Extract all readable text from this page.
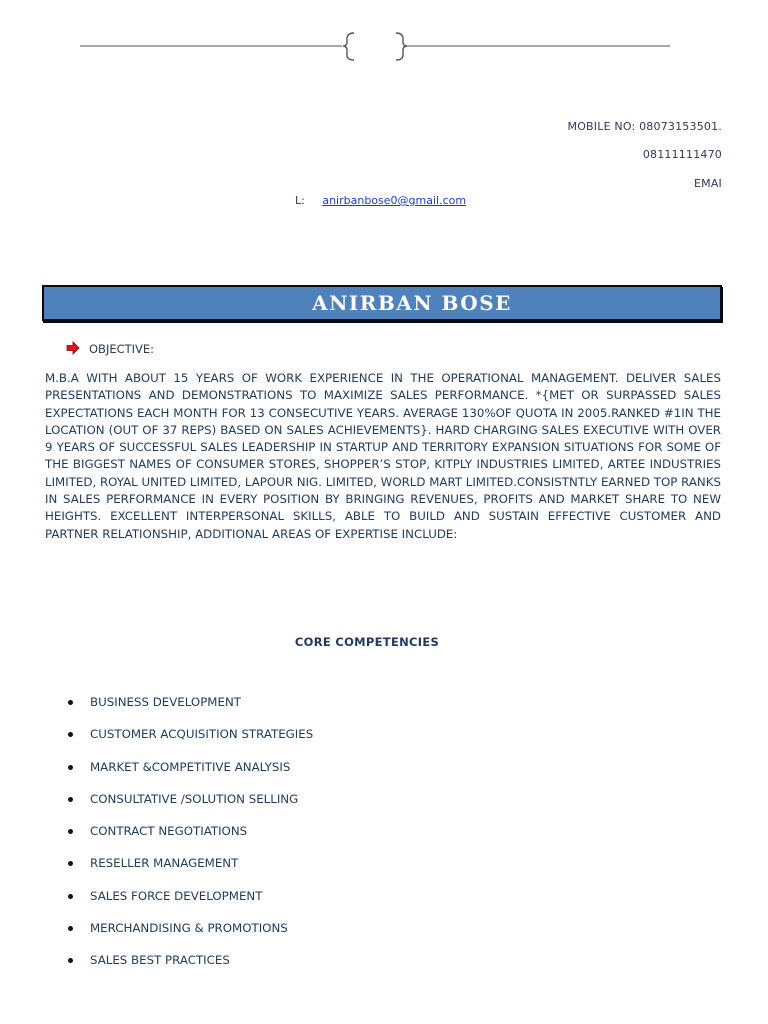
MOBILE NO: 08073153501.
08111111470
EMAI
L: anirbanbose0@gmail.com
ANIRBAN BOSE
OBJECTIVE:

M.B.A WITH ABOUT 15 YEARS OF WORK EXPERIENCE IN THE OPERATIONAL MANAGEMENT. DELIVER SALES PRESENTATIONS AND DEMONSTRATIONS TO MAXIMIZE SALES PERFORMANCE. *{MET OR SURPASSED SALES EXPECTATIONS EACH MONTH FOR 13 CONSECUTIVE YEARS. AVERAGE 130%OF QUOTA IN 2005.RANKED #1IN THE LOCATION (OUT OF 37 REPS) BASED ON SALES ACHIEVEMENTS}. HARD CHARGING SALES EXECUTIVE WITH OVER 9 YEARS OF SUCCESSFUL SALES LEADERSHIP IN STARTUP AND TERRITORY EXPANSION SITUATIONS FOR SOME OF THE BIGGEST NAMES OF CONSUMER STORES, SHOPPER’S STOP, KITPLY INDUSTRIES LIMITED, ARTEE INDUSTRIES LIMITED, ROYAL UNITED LIMITED, LAPOUR NIG. LIMITED, WORLD MART LIMITED.CONSISTNTLY EARNED TOP RANKS IN SALES PERFORMANCE IN EVERY POSITION BY BRINGING REVENUES, PROFITS AND MARKET SHARE TO NEW HEIGHTS. EXCELLENT INTERPERSONAL SKILLS, ABLE TO BUILD AND SUSTAIN EFFECTIVE CUSTOMER AND PARTNER RELATIONSHIP, ADDITIONAL AREAS OF EXPERTISE INCLUDE:

CORE COMPETENCIES
BUSINESS DEVELOPMENT
CUSTOMER ACQUISITION STRATEGIES
MARKET &COMPETITIVE ANALYSIS
CONSULTATIVE /SOLUTION SELLING
CONTRACT NEGOTIATIONS
RESELLER MANAGEMENT
SALES FORCE DEVELOPMENT
MERCHANDISING & PROMOTIONS
SALES BEST PRACTICES
